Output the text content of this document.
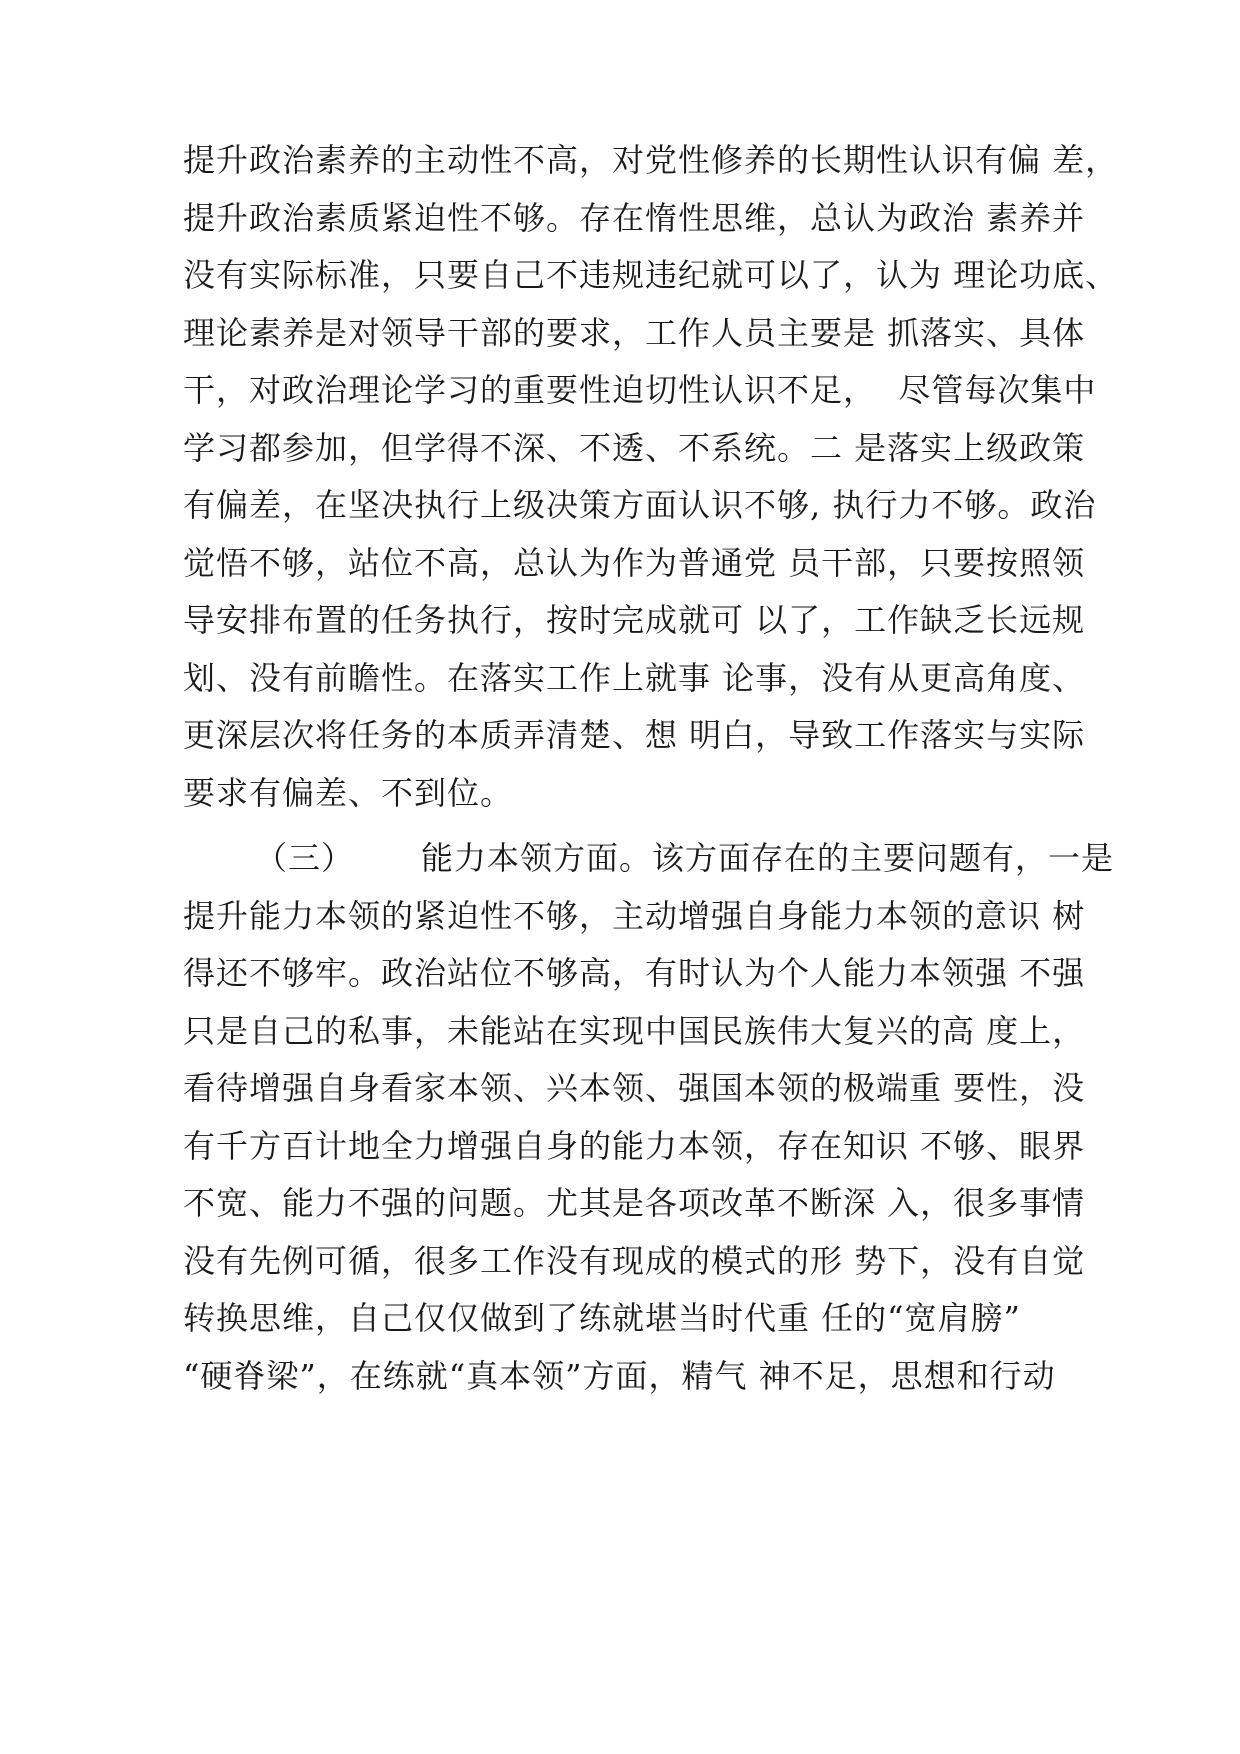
提升政治素养的主动性不高，对党性修养的长期性认识有偏 差，
提升政治素质紧迫性不够。存在惰性思维，总认为政治 素养并
没有实际标准，只要自己不违规违纪就可以了，认为 理论功底、
理论素养是对领导干部的要求，工作人员主要是 抓落实、具体
干，对政治理论学习的重要性迫切性认识不足，  尽管每次集中
学习都参加，但学得不深、不透、不系统。二 是落实上级政策
有偏差，在坚决执行上级决策方面认识不够, 执行力不够。政治
觉悟不够，站位不高，总认为作为普通党 员干部，只要按照领
导安排布置的任务执行，按时完成就可 以了，工作缺乏长远规
划、没有前瞻性。在落实工作上就事 论事，没有从更高角度、
更深层次将任务的本质弄清楚、想 明白，导致工作落实与实际
要求有偏差、不到位。
（三）      能力本领方面。该方面存在的主要问题有，一是
提升能力本领的紧迫性不够，主动增强自身能力本领的意识 树
得还不够牢。政治站位不够高，有时认为个人能力本领强 不强
只是自己的私事，未能站在实现中国民族伟大复兴的高 度上，
看待增强自身看家本领、兴本领、强国本领的极端重 要性，没
有千方百计地全力增强自身的能力本领，存在知识 不够、眼界
不宽、能力不强的问题。尤其是各项改革不断深 入，很多事情
没有先例可循，很多工作没有现成的模式的形 势下，没有自觉
转换思维，自己仅仅做到了练就堪当时代重 任的“宽肩膀”
“硬脊梁”，在练就“真本领”方面，精气 神不足，思想和行动
